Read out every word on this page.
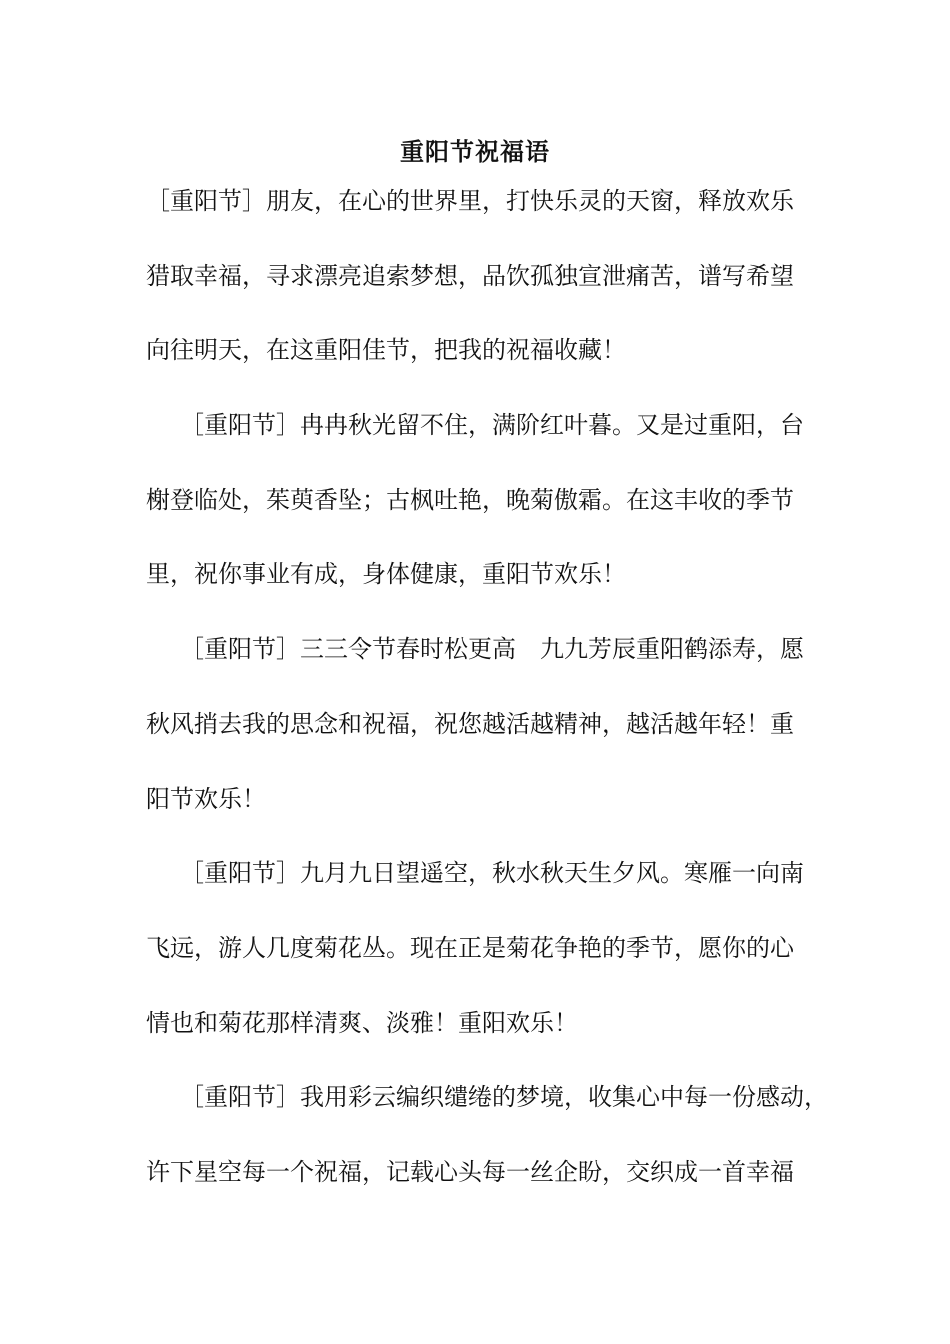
重阳节祝福语
［重阳节］朋友，在心的世界里，打快乐灵的天窗，释放欢乐
猎取幸福，寻求漂亮追索梦想，品饮孤独宣泄痛苦，谱写希望
向往明天，在这重阳佳节，把我的祝福收藏！
［重阳节］冉冉秋光留不住，满阶红叶暮。又是过重阳，台
榭登临处，茱萸香坠；古枫吐艳，晚菊傲霜。在这丰收的季节
里，祝你事业有成，身体健康，重阳节欢乐！
［重阳节］三三令节春时松更高　九九芳辰重阳鹤添寿，愿
秋风捎去我的思念和祝福，祝您越活越精神，越活越年轻！重
阳节欢乐！
［重阳节］九月九日望遥空，秋水秋天生夕风。寒雁一向南
飞远，游人几度菊花丛。现在正是菊花争艳的季节，愿你的心
情也和菊花那样清爽、淡雅！重阳欢乐！
［重阳节］我用彩云编织缱绻的梦境，收集心中每一份感动，
许下星空每一个祝福，记载心头每一丝企盼，交织成一首幸福
